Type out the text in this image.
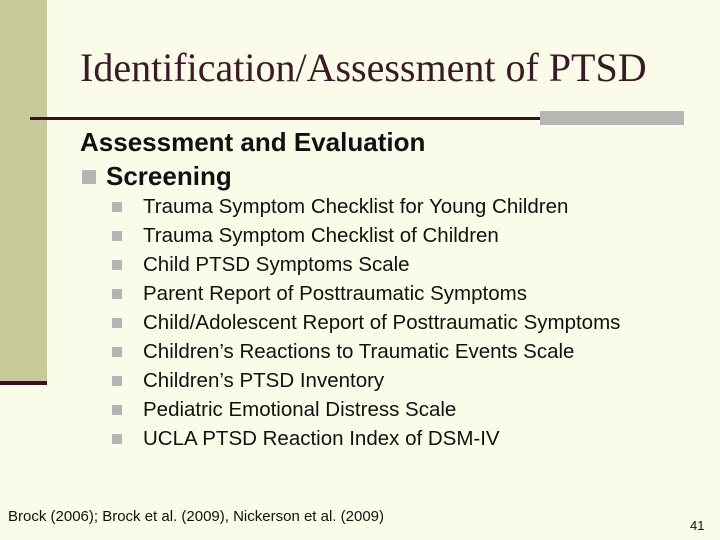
Identification/Assessment of PTSD
Assessment and Evaluation
Screening
Trauma Symptom Checklist for Young Children
Trauma Symptom Checklist of Children
Child PTSD Symptoms Scale
Parent Report of Posttraumatic Symptoms
Child/Adolescent Report of Posttraumatic Symptoms
Children’s Reactions to Traumatic Events Scale
Children’s PTSD Inventory
Pediatric Emotional Distress Scale
UCLA PTSD Reaction Index of DSM-IV
Brock (2006); Brock et al. (2009), Nickerson et al. (2009)
41
